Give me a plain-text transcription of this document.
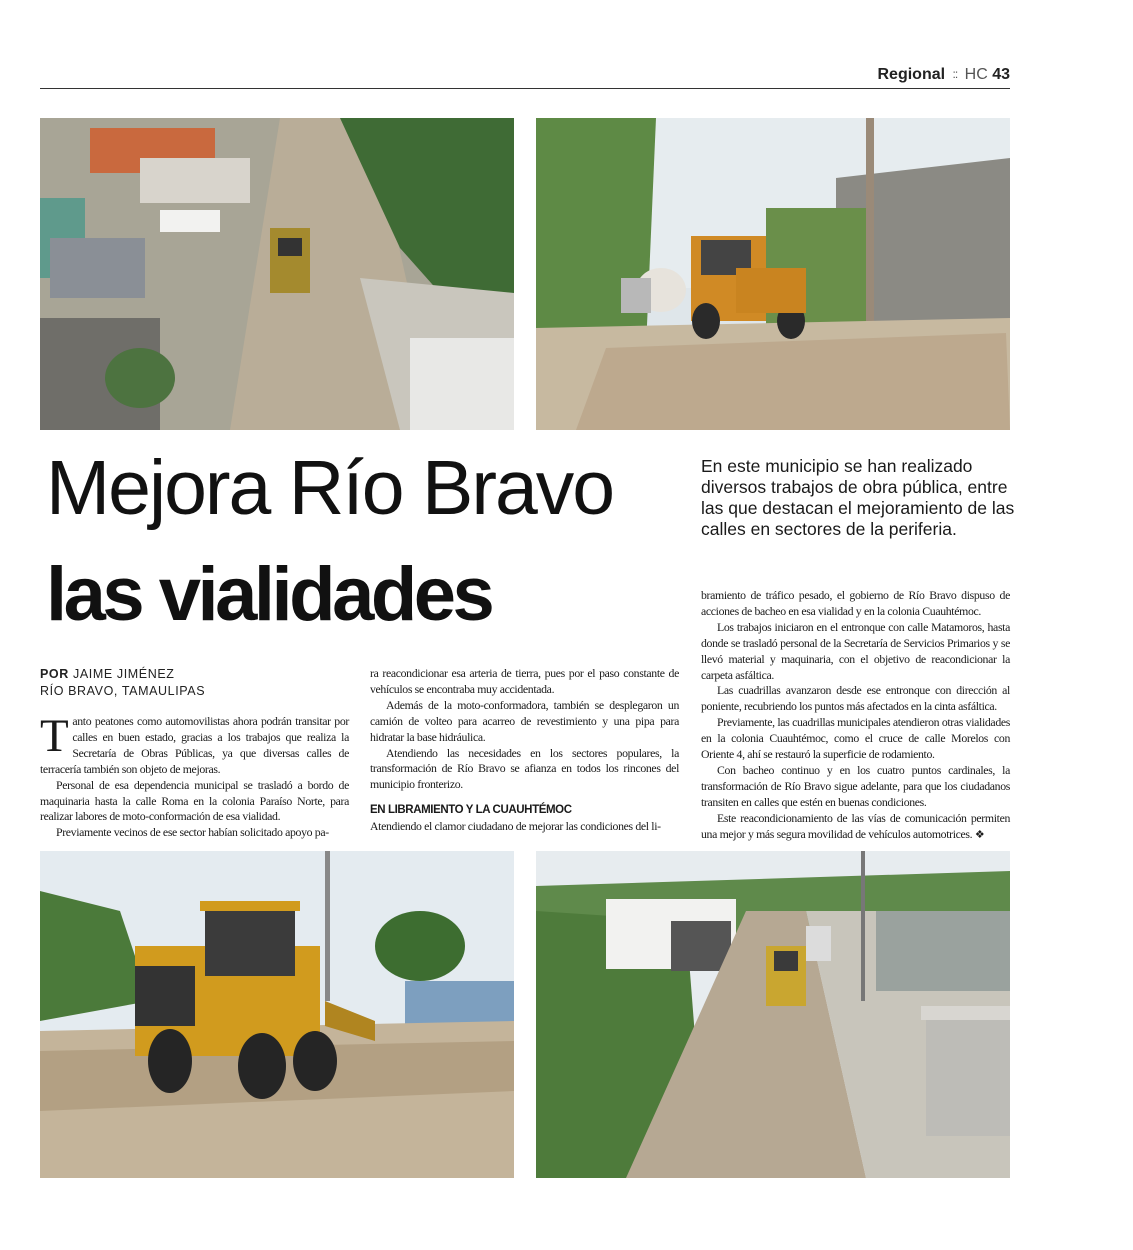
Regional :: HC 43
Mejora Río Bravo
las vialidades

En este municipio se han realizado diversos trabajos de obra pública, entre las que destacan el mejoramiento de las calles en sectores de la periferia.

POR JAIME JIMÉNEZ
RÍO BRAVO, TAMAULIPAS

Tanto peatones como automovilistas ahora podrán transitar por calles en buen estado, gracias a los trabajos que realiza la Secretaría de Obras Públicas, ya que diversas calles de terracería también son objeto de mejoras.

Personal de esa dependencia municipal se trasladó a bordo de maquinaria hasta la calle Roma en la colonia Paraíso Norte, para realizar labores de moto-conformación de esa vialidad.

Previamente vecinos de ese sector habían solicitado apoyo pa-

ra reacondicionar esa arteria de tierra, pues por el paso constante de vehículos se encontraba muy accidentada.

Además de la moto-conformadora, también se desplegaron un camión de volteo para acarreo de revestimiento y una pipa para hidratar la base hidráulica.

Atendiendo las necesidades en los sectores populares, la transformación de Río Bravo se afianza en todos los rincones del municipio fronterizo.

EN LIBRAMIENTO Y LA CUAUHTÉMOC

Atendiendo el clamor ciudadano de mejorar las condiciones del li-

bramiento de tráfico pesado, el gobierno de Río Bravo dispuso de acciones de bacheo en esa vialidad y en la colonia Cuauhtémoc.

Los trabajos iniciaron en el entronque con calle Matamoros, hasta donde se trasladó personal de la Secretaría de Servicios Primarios y se llevó material y maquinaria, con el objetivo de reacondicionar la carpeta asfáltica.

Las cuadrillas avanzaron desde ese entronque con dirección al poniente, recubriendo los puntos más afectados en la cinta asfáltica.

Previamente, las cuadrillas municipales atendieron otras vialidades en la colonia Cuauhtémoc, como el cruce de calle Morelos con Oriente 4, ahí se restauró la superficie de rodamiento.

Con bacheo continuo y en los cuatro puntos cardinales, la transformación de Río Bravo sigue adelante, para que los ciudadanos transiten en calles que estén en buenas condiciones.

Este reacondicionamiento de las vías de comunicación permiten una mejor y más segura movilidad de vehículos automotrices. ❖
